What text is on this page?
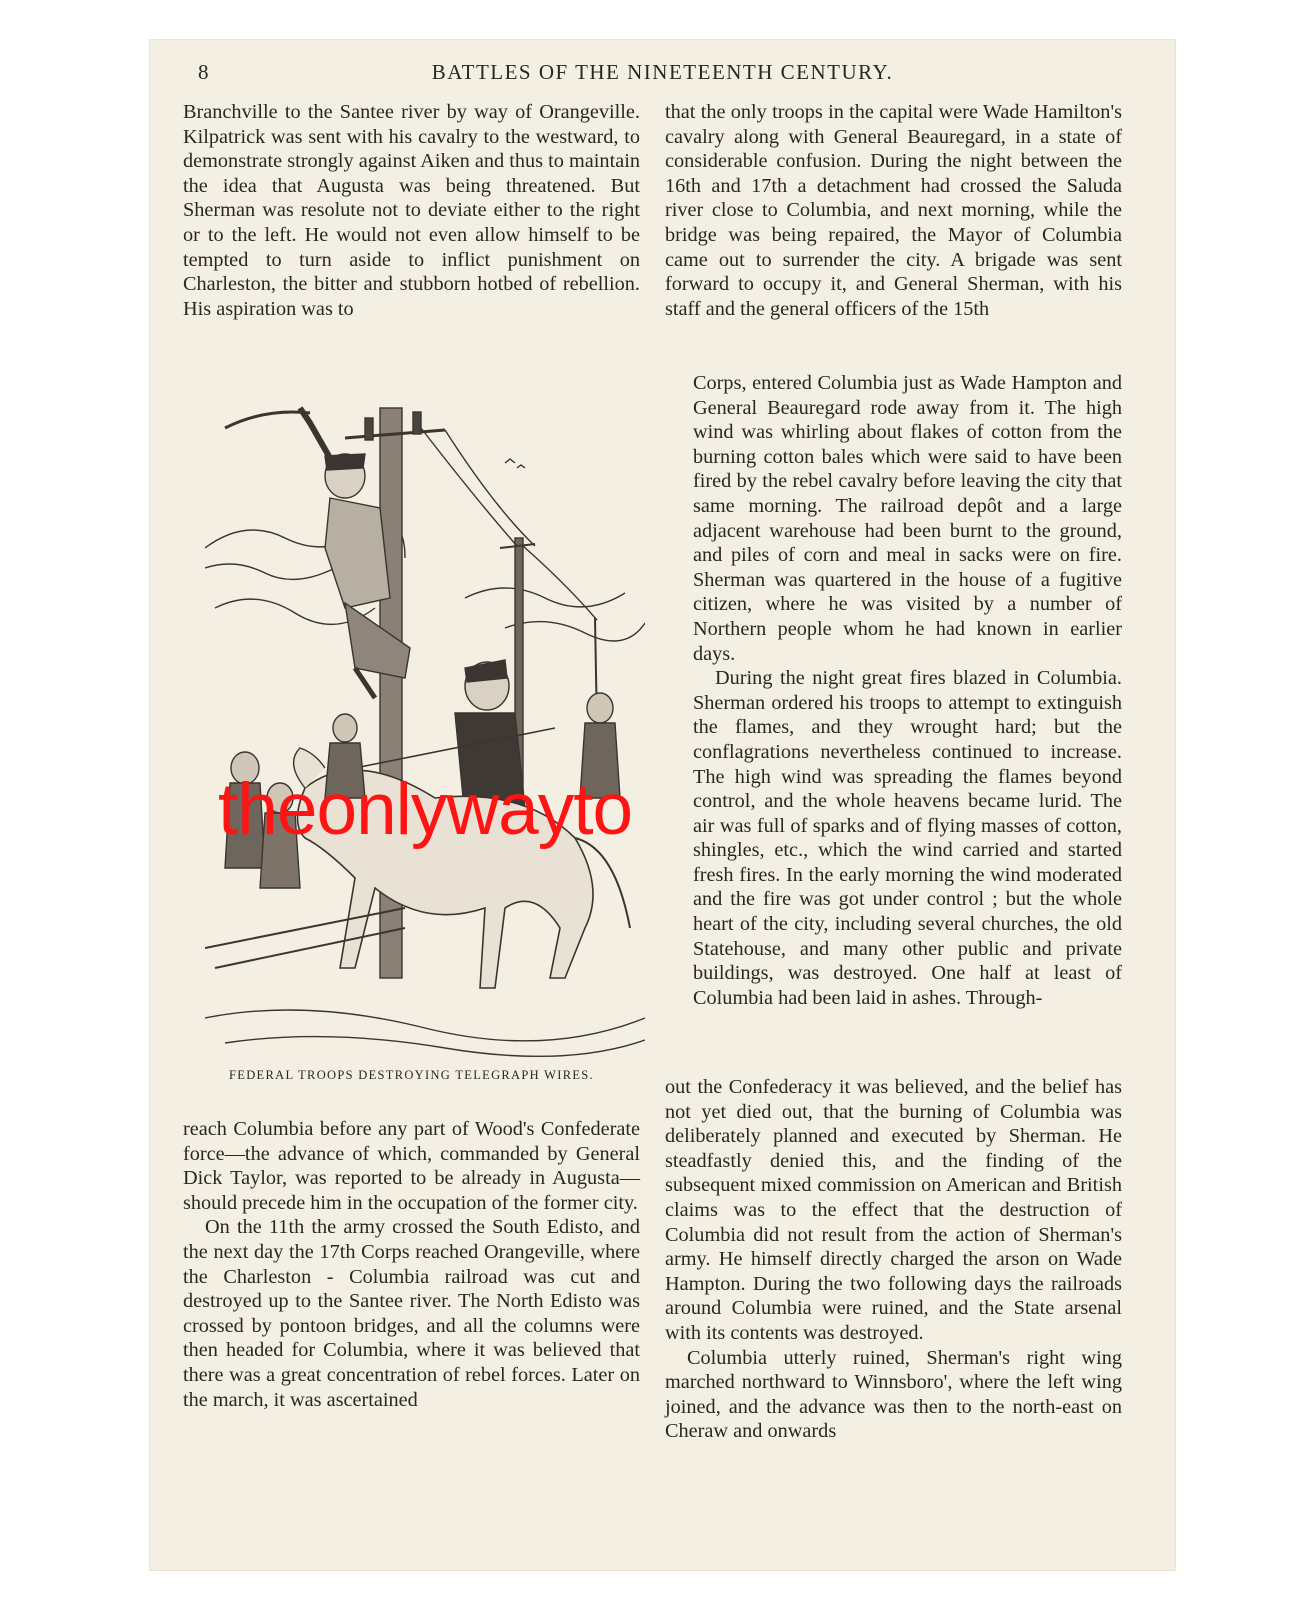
8	BATTLES OF THE NINETEENTH CENTURY.

Branchville to the Santee river by way of Orangeville. Kilpatrick was sent with his cavalry to the westward, to demonstrate strongly against Aiken and thus to maintain the idea that Augusta was being threatened. But Sherman was resolute not to deviate either to the right or to the left. He would not even allow himself to be tempted to turn aside to inflict punishment on Charleston, the bitter and stubborn hotbed of rebellion. His aspiration was to

FEDERAL TROOPS DESTROYING TELEGRAPH WIRES.

reach Columbia before any part of Wood's Confederate force—the advance of which, commanded by General Dick Taylor, was reported to be already in Augusta—should precede him in the occupation of the former city.

On the 11th the army crossed the South Edisto, and the next day the 17th Corps reached Orangeville, where the Charleston - Columbia railroad was cut and destroyed up to the Santee river. The North Edisto was crossed by pontoon bridges, and all the columns were then headed for Columbia, where it was believed that there was a great concentration of rebel forces. Later on the march, it was ascertained

that the only troops in the capital were Wade Hamilton's cavalry along with General Beauregard, in a state of considerable confusion. During the night between the 16th and 17th a detachment had crossed the Saluda river close to Columbia, and next morning, while the bridge was being repaired, the Mayor of Columbia came out to surrender the city. A brigade was sent forward to occupy it, and General Sherman, with his staff and the general officers of the 15th

Corps, entered Columbia just as Wade Hampton and General Beauregard rode away from it. The high wind was whirling about flakes of cotton from the burning cotton bales which were said to have been fired by the rebel cavalry before leaving the city that same morning. The railroad depôt and a large adjacent warehouse had been burnt to the ground, and piles of corn and meal in sacks were on fire. Sherman was quartered in the house of a fugitive citizen, where he was visited by a number of Northern people whom he had known in earlier days.

During the night great fires blazed in Columbia. Sherman ordered his troops to attempt to extinguish the flames, and they wrought hard; but the conflagrations nevertheless continued to increase. The high wind was spreading the flames beyond control, and the whole heavens became lurid. The air was full of sparks and of flying masses of cotton, shingles, etc., which the wind carried and started fresh fires. In the early morning the wind moderated and the fire was got under control ; but the whole heart of the city, including several churches, the old Statehouse, and many other public and private buildings, was destroyed. One half at least of Columbia had been laid in ashes. Through-

out the Confederacy it was believed, and the belief has not yet died out, that the burning of Columbia was deliberately planned and executed by Sherman. He steadfastly denied this, and the finding of the subsequent mixed commission on American and British claims was to the effect that the destruction of Columbia did not result from the action of Sherman's army. He himself directly charged the arson on Wade Hampton. During the two following days the railroads around Columbia were ruined, and the State arsenal with its contents was destroyed.

Columbia utterly ruined, Sherman's right wing marched northward to Winnsboro', where the left wing joined, and the advance was then to the north-east on Cheraw and onwards

theonlywayto
